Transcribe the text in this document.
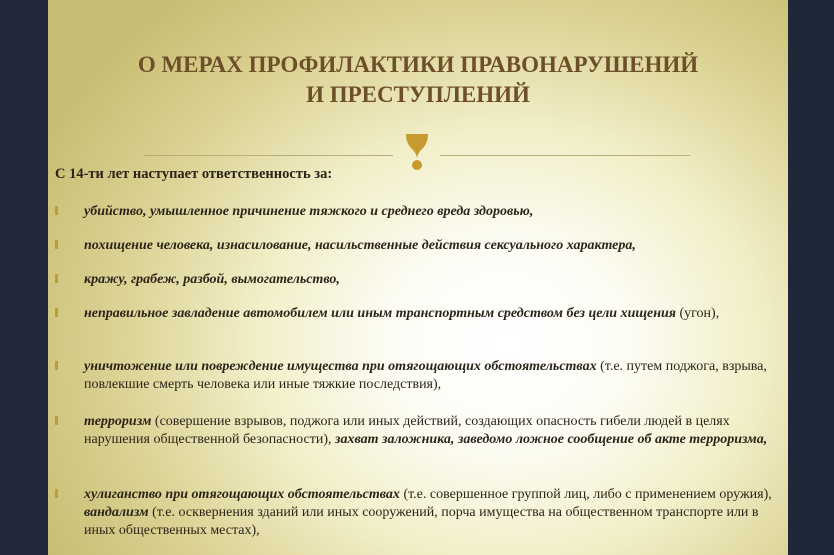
О МЕРАХ ПРОФИЛАКТИКИ ПРАВОНАРУШЕНИЙ
И ПРЕСТУПЛЕНИЙ
С 14-ти лет наступает ответственность за:
убийство, умышленное причинение тяжкого и среднего вреда здоровью,
похищение человека, изнасилование, насильственные действия сексуального характера,
кражу, грабеж, разбой, вымогательство,
неправильное завладение автомобилем или иным транспортным средством без цели хищения (угон),
уничтожение или повреждение имущества при отягощающих обстоятельствах (т.е. путем поджога, взрыва, повлекшие смерть человека или иные тяжкие последствия),
терроризм (совершение взрывов, поджога или иных действий, создающих опасность гибели людей в целях нарушения общественной безопасности), захват заложника, заведомо ложное сообщение об акте терроризма,
хулиганство при отягощающих обстоятельствах (т.е. совершенное группой лиц, либо с применением оружия), вандализм (т.е. осквернения зданий или иных сооружений, порча имущества на общественном транспорте или в иных общественных местах),
